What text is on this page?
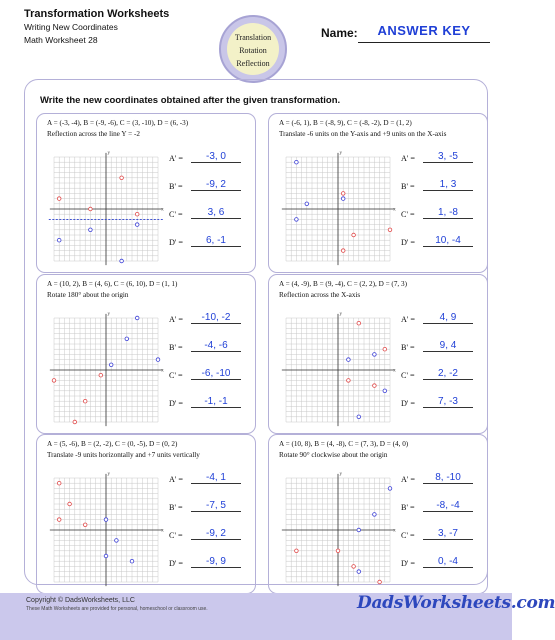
Transformation Worksheets
Writing New Coordinates
Math Worksheet 28	Translation
Rotation
Reflection
Name:	ANSWER KEY
Write the new coordinates obtained after the given transformation.
A = (-3, -4), B = (-9, -6), C = (3, -10), D = (6, -3)
Reflection across the line Y = -2
x
y
A' =	-3, 0
B' =	-9, 2
C' =	3, 6
D' =	6, -1
A = (-6, 1), B = (-8, 9), C = (-8, -2), D = (1, 2)
Translate -6 units on the Y-axis and +9 units on the X-axis
x
y
A' =	3, -5
B' =	1, 3
C' =	1, -8
D' =	10, -4
A = (10, 2), B = (4, 6), C = (6, 10), D = (1, 1)
Rotate 180° about the origin
x
y
A' =	-10, -2
B' =	-4, -6
C' =	-6, -10
D' =	-1, -1
A = (4, -9), B = (9, -4), C = (2, 2), D = (7, 3)
Reflection across the X-axis
x
y
A' =	4, 9
B' =	9, 4
C' =	2, -2
D' =	7, -3
A = (5, -6), B = (2, -2), C = (0, -5), D = (0, 2)
Translate -9 units horizontally and +7 units vertically
x
y
A' =	-4, 1
B' =	-7, 5
C' =	-9, 2
D' =	-9, 9
A = (10, 8), B = (4, -8), C = (7, 3), D = (4, 0)
Rotate 90° clockwise about the origin
x
y
A' =	8, -10
B' =	-8, -4
C' =	3, -7
D' =	0, -4
Copyright © DadsWorksheets, LLC
These Math Worksheets are provided for personal, homeschool or classroom use.	DadsWorksheets.com
